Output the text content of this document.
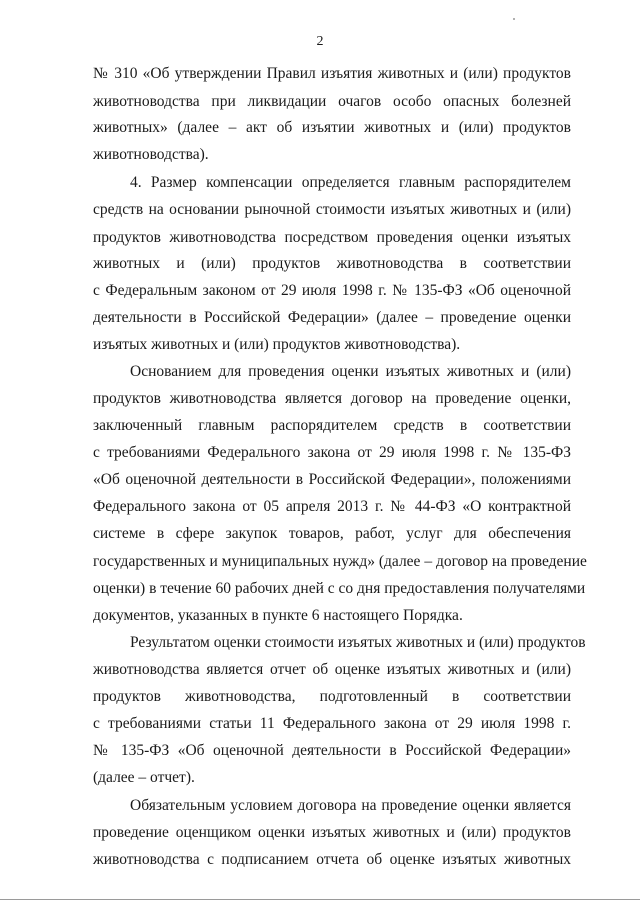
2
№ 310 «Об утверждении Правил изъятия животных и (или) продуктов
животноводства при ликвидации очагов особо опасных болезней
животных» (далее – акт об изъятии животных и (или) продуктов
животноводства).
4. Размер компенсации определяется главным распорядителем
средств на основании рыночной стоимости изъятых животных и (или)
продуктов животноводства посредством проведения оценки изъятых
животных и (или) продуктов животноводства в соответствии
с Федеральным законом от 29 июля 1998 г. № 135-ФЗ «Об оценочной
деятельности в Российской Федерации» (далее – проведение оценки
изъятых животных и (или) продуктов животноводства).
Основанием для проведения оценки изъятых животных и (или)
продуктов животноводства является договор на проведение оценки,
заключенный главным распорядителем средств в соответствии
с требованиями Федерального закона от 29 июля 1998 г. № 135-ФЗ
«Об оценочной деятельности в Российской Федерации», положениями
Федерального закона от 05 апреля 2013 г. № 44-ФЗ «О контрактной
системе в сфере закупок товаров, работ, услуг для обеспечения
государственных и муниципальных нужд» (далее – договор на проведение
оценки) в течение 60 рабочих дней с со дня предоставления получателями
документов, указанных в пункте 6 настоящего Порядка.
Результатом оценки стоимости изъятых животных и (или) продуктов
животноводства является отчет об оценке изъятых животных и (или)
продуктов животноводства, подготовленный в соответствии
с требованиями статьи 11 Федерального закона от 29 июля 1998 г.
№ 135-ФЗ «Об оценочной деятельности в Российской Федерации»
(далее – отчет).
Обязательным условием договора на проведение оценки является
проведение оценщиком оценки изъятых животных и (или) продуктов
животноводства с подписанием отчета об оценке изъятых животных
